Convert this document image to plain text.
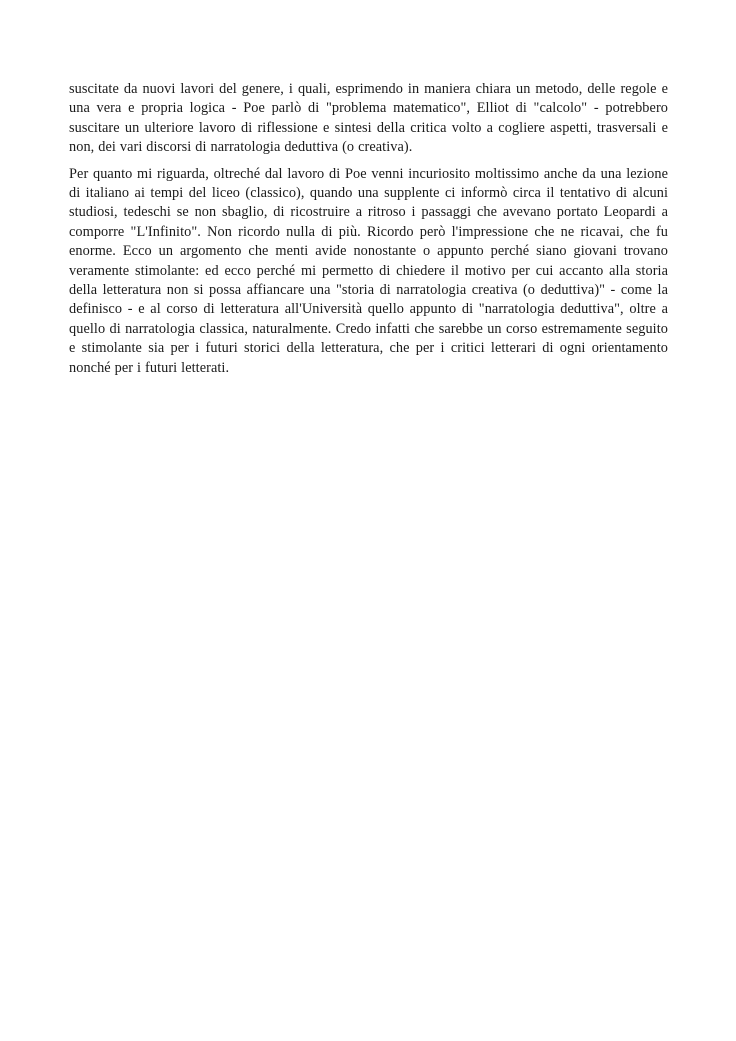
suscitate da nuovi lavori del genere, i quali, esprimendo in maniera chiara un metodo, delle regole e una vera e propria logica - Poe parlò di "problema matematico", Elliot di "calcolo" - potrebbero suscitare un ulteriore lavoro di riflessione e sintesi della critica volto a cogliere aspetti, trasversali e non, dei vari discorsi di narratologia deduttiva (o creativa).

Per quanto mi riguarda, oltreché dal lavoro di Poe venni incuriosito moltissimo anche da una lezione di italiano ai tempi del liceo (classico), quando una supplente ci informò circa il tentativo di alcuni studiosi, tedeschi se non sbaglio, di ricostruire a ritroso i passaggi che avevano portato Leopardi a comporre "L'Infinito". Non ricordo nulla di più. Ricordo però l'impressione che ne ricavai, che fu enorme. Ecco un argomento che menti avide nonostante o appunto perché siano giovani trovano veramente stimolante: ed ecco perché mi permetto di chiedere il motivo per cui accanto alla storia della letteratura non si possa affiancare una "storia di narratologia creativa (o deduttiva)" - come la definisco - e al corso di letteratura all'Università quello appunto di "narratologia deduttiva", oltre a quello di narratologia classica, naturalmente. Credo infatti che sarebbe un corso estremamente seguito e stimolante sia per i futuri storici della letteratura, che per i critici letterari di ogni orientamento nonché per i futuri letterati.
